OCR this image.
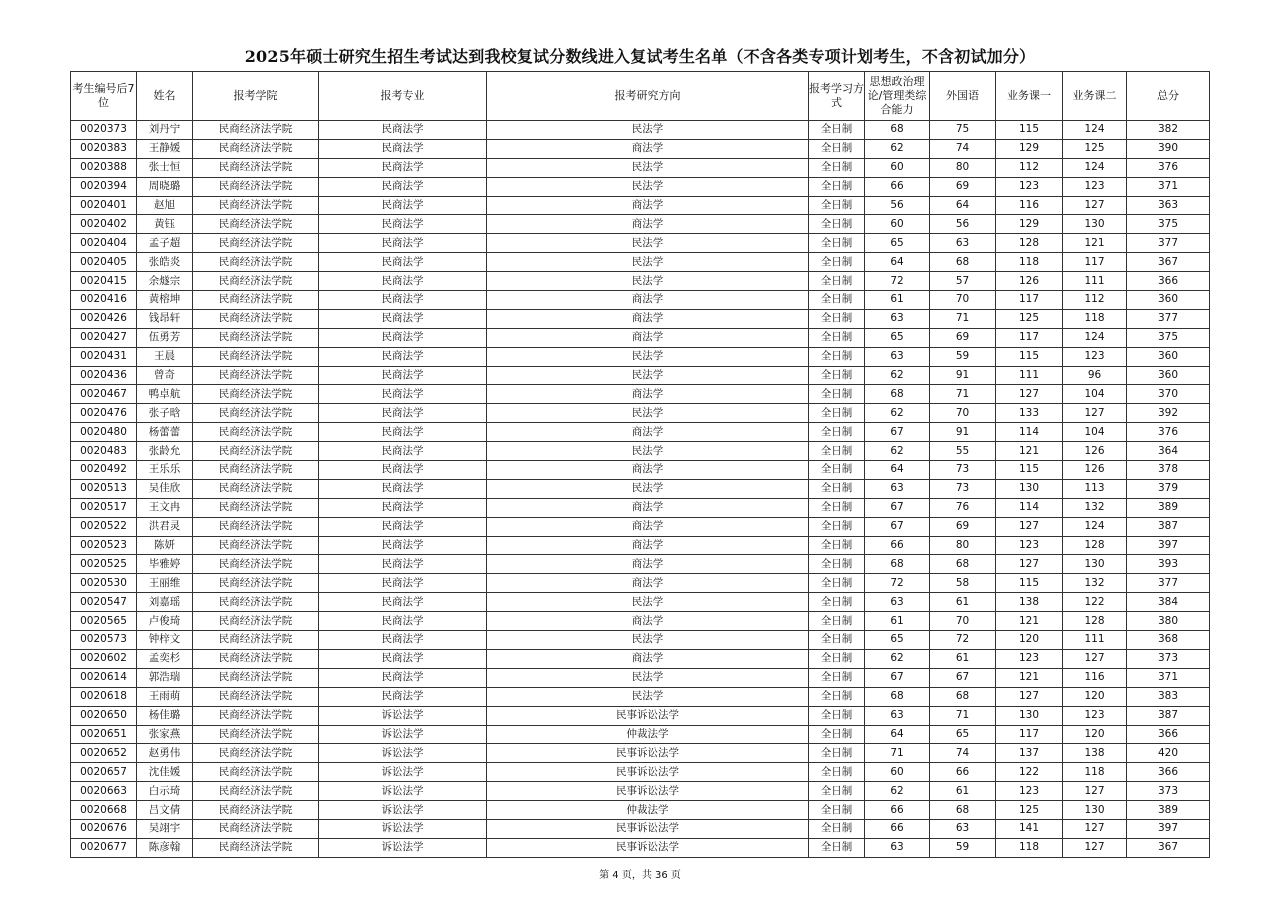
2025年硕士研究生招生考试达到我校复试分数线进入复试考生名单（不含各类专项计划考生，不含初试加分）
考生编号后7位	姓名	报考学院	报考专业	报考研究方向	报考学习方式	思想政治理论/管理类综合能力	外国语	业务课一	业务课二	总分
0020373	刘丹宁	民商经济法学院	民商法学	民法学	全日制	68	75	115	124	382
0020383	王静媛	民商经济法学院	民商法学	商法学	全日制	62	74	129	125	390
0020388	张士恒	民商经济法学院	民商法学	民法学	全日制	60	80	112	124	376
0020394	周晓璐	民商经济法学院	民商法学	民法学	全日制	66	69	123	123	371
0020401	赵旭	民商经济法学院	民商法学	商法学	全日制	56	64	116	127	363
0020402	黄钰	民商经济法学院	民商法学	商法学	全日制	60	56	129	130	375
0020404	孟子超	民商经济法学院	民商法学	民法学	全日制	65	63	128	121	377
0020405	张皓炎	民商经济法学院	民商法学	民法学	全日制	64	68	118	117	367
0020415	余燧宗	民商经济法学院	民商法学	民法学	全日制	72	57	126	111	366
0020416	黄榕坤	民商经济法学院	民商法学	商法学	全日制	61	70	117	112	360
0020426	钱昂轩	民商经济法学院	民商法学	商法学	全日制	63	71	125	118	377
0020427	伍勇芳	民商经济法学院	民商法学	商法学	全日制	65	69	117	124	375
0020431	王晨	民商经济法学院	民商法学	民法学	全日制	63	59	115	123	360
0020436	曾奇	民商经济法学院	民商法学	民法学	全日制	62	91	111	96	360
0020467	鸭卓航	民商经济法学院	民商法学	商法学	全日制	68	71	127	104	370
0020476	张子晗	民商经济法学院	民商法学	民法学	全日制	62	70	133	127	392
0020480	杨蕾蕾	民商经济法学院	民商法学	商法学	全日制	67	91	114	104	376
0020483	张龄允	民商经济法学院	民商法学	民法学	全日制	62	55	121	126	364
0020492	王乐乐	民商经济法学院	民商法学	商法学	全日制	64	73	115	126	378
0020513	吴佳欣	民商经济法学院	民商法学	民法学	全日制	63	73	130	113	379
0020517	王文冉	民商经济法学院	民商法学	商法学	全日制	67	76	114	132	389
0020522	洪君灵	民商经济法学院	民商法学	商法学	全日制	67	69	127	124	387
0020523	陈妍	民商经济法学院	民商法学	商法学	全日制	66	80	123	128	397
0020525	毕雅婷	民商经济法学院	民商法学	商法学	全日制	68	68	127	130	393
0020530	王丽维	民商经济法学院	民商法学	商法学	全日制	72	58	115	132	377
0020547	刘嘉瑶	民商经济法学院	民商法学	民法学	全日制	63	61	138	122	384
0020565	卢俊琦	民商经济法学院	民商法学	商法学	全日制	61	70	121	128	380
0020573	钟梓文	民商经济法学院	民商法学	民法学	全日制	65	72	120	111	368
0020602	孟奕杉	民商经济法学院	民商法学	商法学	全日制	62	61	123	127	373
0020614	郭浩瑞	民商经济法学院	民商法学	民法学	全日制	67	67	121	116	371
0020618	王雨萌	民商经济法学院	民商法学	民法学	全日制	68	68	127	120	383
0020650	杨佳璐	民商经济法学院	诉讼法学	民事诉讼法学	全日制	63	71	130	123	387
0020651	张家燕	民商经济法学院	诉讼法学	仲裁法学	全日制	64	65	117	120	366
0020652	赵勇伟	民商经济法学院	诉讼法学	民事诉讼法学	全日制	71	74	137	138	420
0020657	沈佳媛	民商经济法学院	诉讼法学	民事诉讼法学	全日制	60	66	122	118	366
0020663	白示琦	民商经济法学院	诉讼法学	民事诉讼法学	全日制	62	61	123	127	373
0020668	吕文倩	民商经济法学院	诉讼法学	仲裁法学	全日制	66	68	125	130	389
0020676	吴翊宇	民商经济法学院	诉讼法学	民事诉讼法学	全日制	66	63	141	127	397
0020677	陈彦翰	民商经济法学院	诉讼法学	民事诉讼法学	全日制	63	59	118	127	367
第 4 页，共 36 页
